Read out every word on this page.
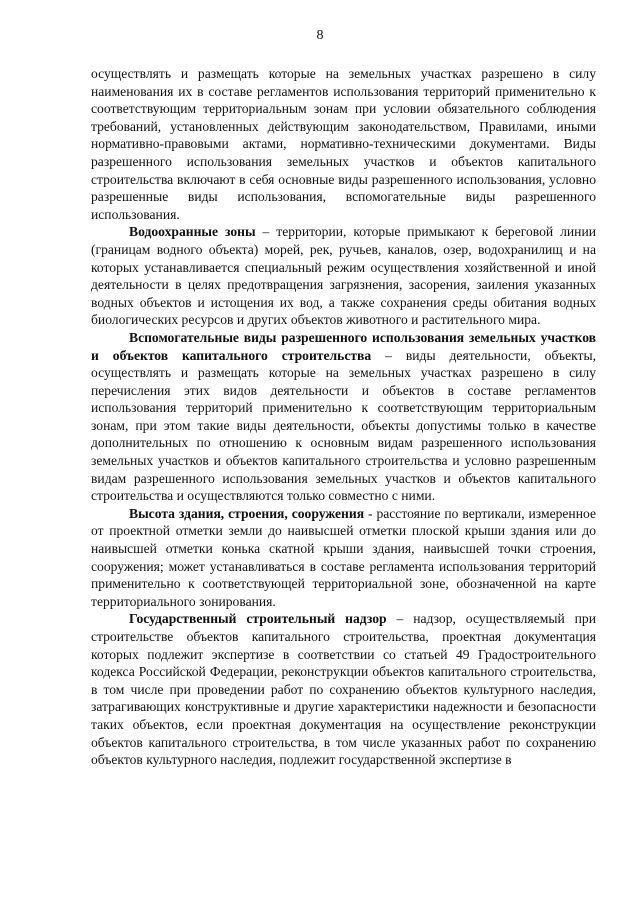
8

осуществлять и размещать которые на земельных участках разрешено в силу наименования их в составе регламентов использования территорий применительно к соответствующим территориальным зонам при условии обязательного соблюдения требований, установленных действующим законодательством, Правилами, иными нормативно-правовыми актами, нормативно-техническими документами. Виды разрешенного использования земельных участков и объектов капитального строительства включают в себя основные виды разрешенного использования, условно разрешенные виды использования, вспомогательные виды разрешенного использования.

Водоохранные зоны – территории, которые примыкают к береговой линии (границам водного объекта) морей, рек, ручьев, каналов, озер, водохранилищ и на которых устанавливается специальный режим осуществления хозяйственной и иной деятельности в целях предотвращения загрязнения, засорения, заиления указанных водных объектов и истощения их вод, а также сохранения среды обитания водных биологических ресурсов и других объектов животного и растительного мира.

Вспомогательные виды разрешенного использования земельных участков и объектов капитального строительства – виды деятельности, объекты, осуществлять и размещать которые на земельных участках разрешено в силу перечисления этих видов деятельности и объектов в составе регламентов использования территорий применительно к соответствующим территориальным зонам, при этом такие виды деятельности, объекты допустимы только в качестве дополнительных по отношению к основным видам разрешенного использования земельных участков и объектов капитального строительства и условно разрешенным видам разрешенного использования земельных участков и объектов капитального строительства и осуществляются только совместно с ними.

Высота здания, строения, сооружения - расстояние по вертикали, измеренное от проектной отметки земли до наивысшей отметки плоской крыши здания или до наивысшей отметки конька скатной крыши здания, наивысшей точки строения, сооружения; может устанавливаться в составе регламента использования территорий применительно к соответствующей территориальной зоне, обозначенной на карте территориального зонирования.

Государственный строительный надзор – надзор, осуществляемый при строительстве объектов капитального строительства, проектная документация которых подлежит экспертизе в соответствии со статьей 49 Градостроительного кодекса Российской Федерации, реконструкции объектов капитального строительства, в том числе при проведении работ по сохранению объектов культурного наследия, затрагивающих конструктивные и другие характеристики надежности и безопасности таких объектов, если проектная документация на осуществление реконструкции объектов капитального строительства, в том числе указанных работ по сохранению объектов культурного наследия, подлежит государственной экспертизе в
